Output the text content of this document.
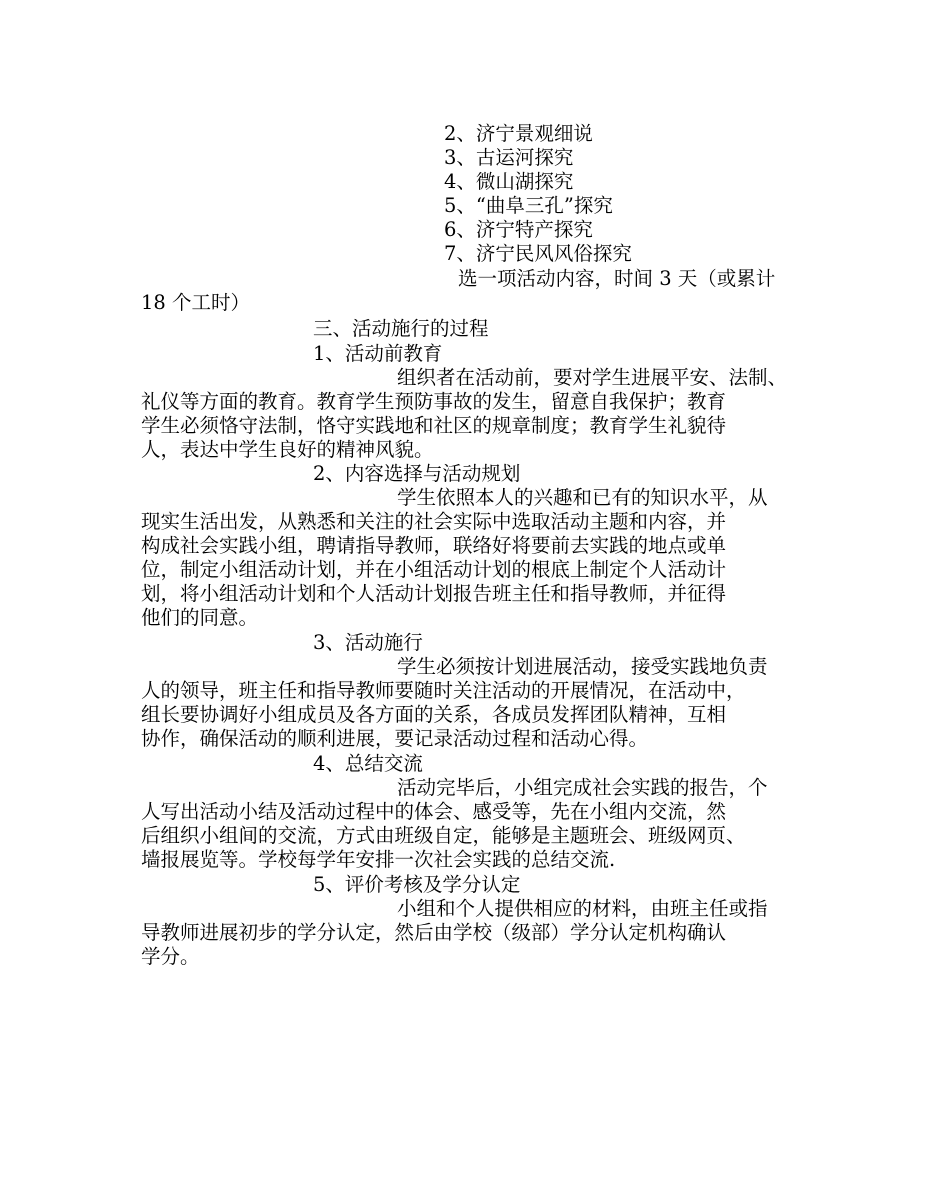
2、济宁景观细说
3、古运河探究
4、微山湖探究
5、“曲阜三孔”探究
6、济宁特产探究
7、济宁民风风俗探究
选一项活动内容，时间 3 天（或累计
18 个工时）
三、活动施行的过程
1、活动前教育
组织者在活动前，要对学生进展平安、法制、
礼仪等方面的教育。教育学生预防事故的发生，留意自我保护；教育
学生必须恪守法制，恪守实践地和社区的规章制度；教育学生礼貌待
人，表达中学生良好的精神风貌。
2、内容选择与活动规划
学生依照本人的兴趣和已有的知识水平，从
现实生活出发，从熟悉和关注的社会实际中选取活动主题和内容，并
构成社会实践小组，聘请指导教师，联络好将要前去实践的地点或单
位，制定小组活动计划，并在小组活动计划的根底上制定个人活动计
划，将小组活动计划和个人活动计划报告班主任和指导教师，并征得
他们的同意。
3、活动施行
学生必须按计划进展活动，接受实践地负责
人的领导，班主任和指导教师要随时关注活动的开展情况，在活动中，
组长要协调好小组成员及各方面的关系，各成员发挥团队精神，互相
协作，确保活动的顺利进展，要记录活动过程和活动心得。
4、总结交流
活动完毕后，小组完成社会实践的报告，个
人写出活动小结及活动过程中的体会、感受等，先在小组内交流，然
后组织小组间的交流，方式由班级自定，能够是主题班会、班级网页、
墙报展览等。学校每学年安排一次社会实践的总结交流.
5、评价考核及学分认定
小组和个人提供相应的材料，由班主任或指
导教师进展初步的学分认定，然后由学校（级部）学分认定机构确认
学分。
